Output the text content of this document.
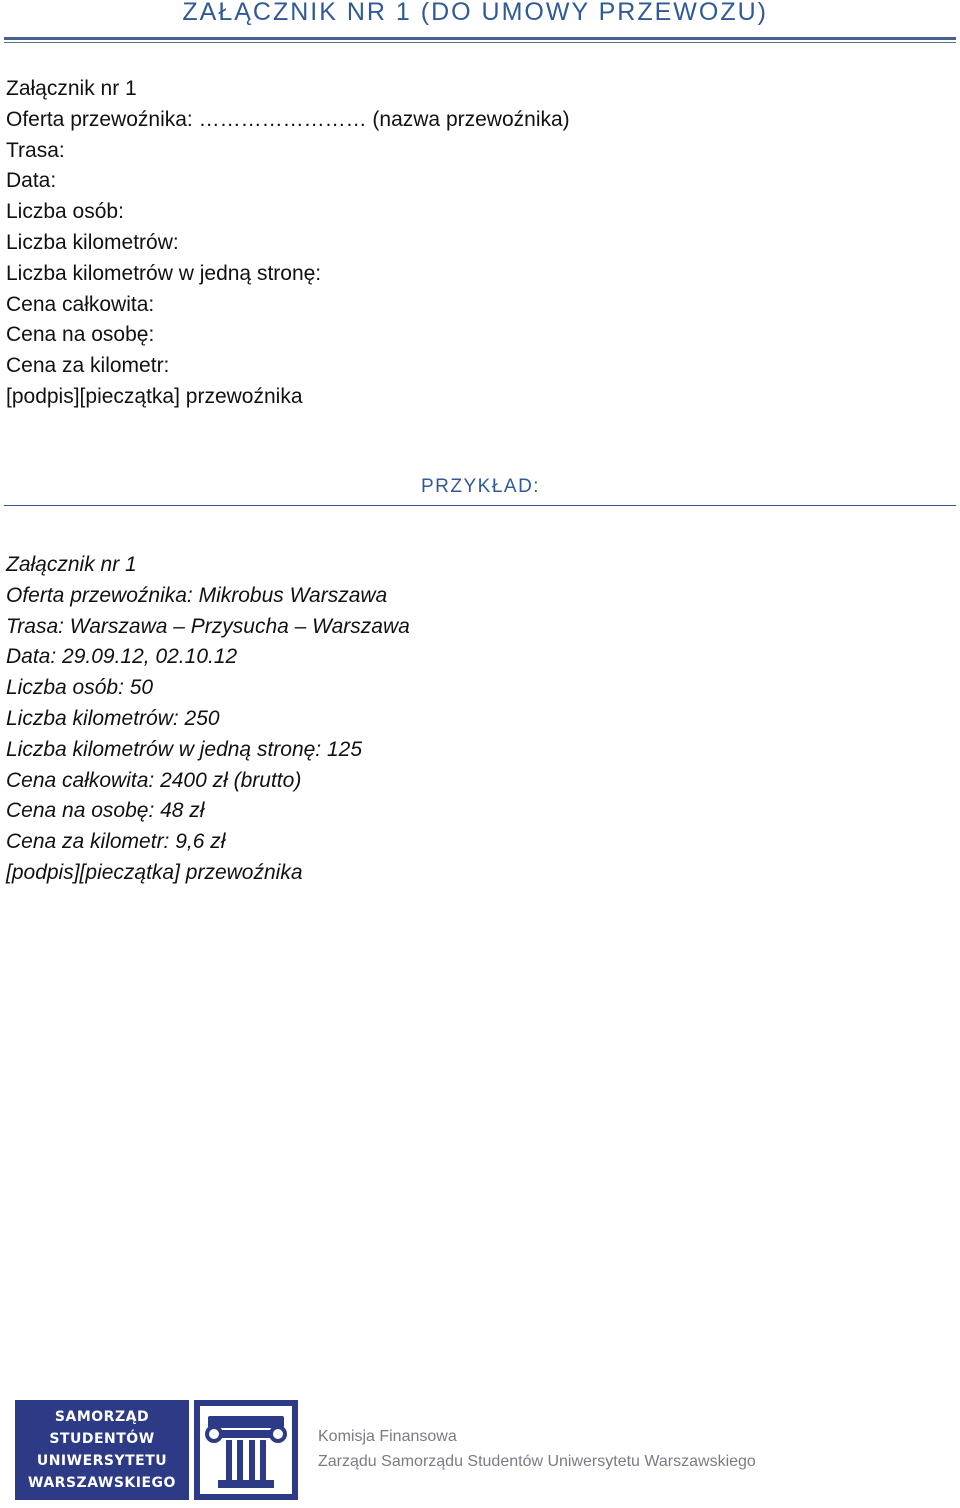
ZAŁĄCZNIK NR 1 (DO UMOWY PRZEWOZU)
Załącznik nr 1
Oferta przewoźnika: …………………… (nazwa przewoźnika)
Trasa:
Data:
Liczba osób:
Liczba kilometrów:
Liczba kilometrów w jedną stronę:
Cena całkowita:
Cena na osobę:
Cena za kilometr:
[podpis][pieczątka] przewoźnika
PRZYKŁAD:
Załącznik nr 1
Oferta przewoźnika: Mikrobus Warszawa
Trasa: Warszawa – Przysucha – Warszawa
Data: 29.09.12, 02.10.12
Liczba osób: 50
Liczba kilometrów: 250
Liczba kilometrów w jedną stronę: 125
Cena całkowita: 2400 zł (brutto)
Cena na osobę: 48 zł
Cena za kilometr: 9,6 zł
[podpis][pieczątka] przewoźnika
SAMORZĄD
STUDENTÓW
UNIWERSYTETU
WARSZAWSKIEGO
Komisja Finansowa
Zarządu Samorządu Studentów Uniwersytetu Warszawskiego
